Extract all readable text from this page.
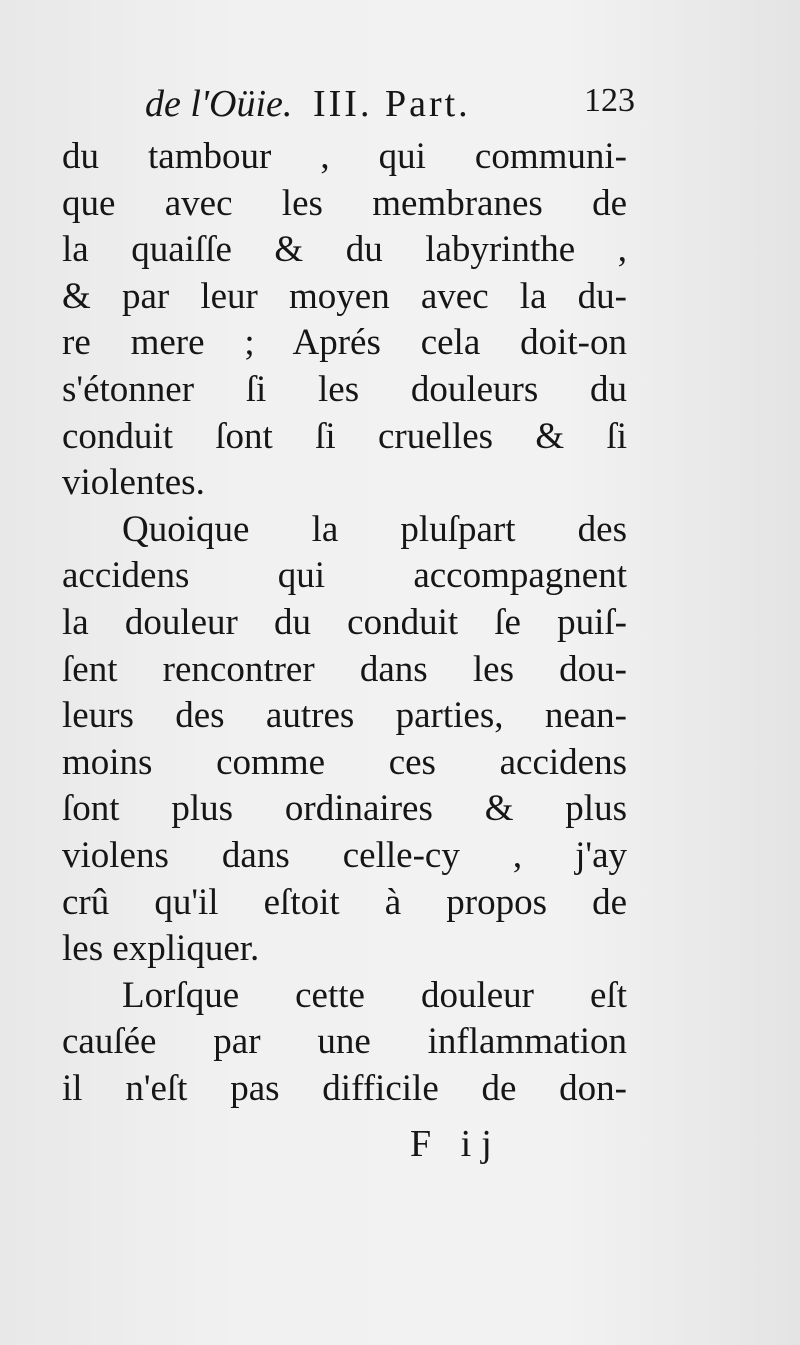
de l'Oüie. III. Part.	123
du tambour , qui communi-
que avec les membranes de
la quaiſſe & du labyrinthe ,
& par leur moyen avec la du-
re mere ; Aprés cela doit-on
s'étonner ſi les douleurs du
conduit ſont ſi cruelles & ſi
violentes.
Quoique la pluſpart des
accidens qui accompagnent
la douleur du conduit ſe puiſ-
ſent rencontrer dans les dou-
leurs des autres parties, nean-
moins comme ces accidens
ſont plus ordinaires & plus
violens dans celle-cy , j'ay
crû qu'il eſtoit à propos de
les expliquer.
Lorſque cette douleur eſt
cauſée par une inflammation
il n'eſt pas difficile de don-
F ij
